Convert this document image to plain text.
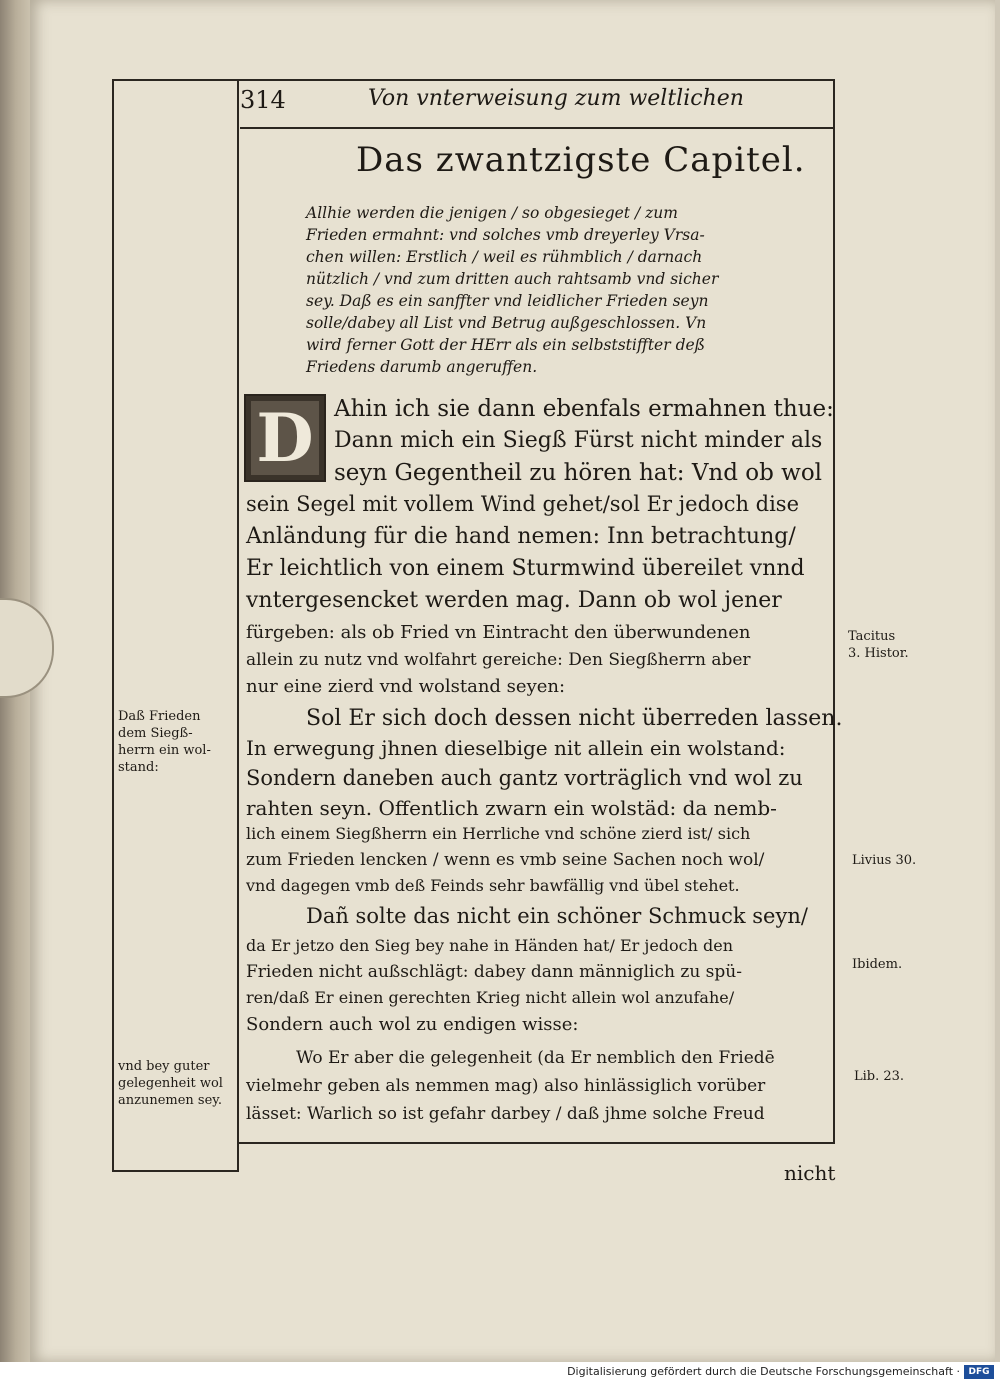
314	Von vnterweisung zum weltlichen
Das zwantzigste Capitel.
Allhie werden die jenigen / so obgesieget / zum
Frieden ermahnt: vnd solches vmb dreyerley Vrsa-
chen willen: Erstlich / weil es rühmblich / darnach
nützlich / vnd zum dritten auch rahtsamb vnd sicher
sey. Daß es ein sanffter vnd leidlicher Frieden seyn
solle/dabey all List vnd Betrug außgeschlossen. Vn
wird ferner Gott der HErr als ein selbststiffter deß
Friedens darumb angeruffen.
D Ahin ich sie dann ebenfals ermahnen thue:
Dann mich ein Siegß Fürst nicht minder als
seyn Gegentheil zu hören hat: Vnd ob wol
sein Segel mit vollem Wind gehet/sol Er jedoch dise
Anländung für die hand nemen: Inn betrachtung/
Er leichtlich von einem Sturmwind übereilet vnnd
vntergesencket werden mag. Dann ob wol jener
fürgeben: als ob Fried vn Eintracht den überwundenen
allein zu nutz vnd wolfahrt gereiche: Den Siegßherrn aber
nur eine zierd vnd wolstand seyen:
Sol Er sich doch dessen nicht überreden lassen.
In erwegung jhnen dieselbige nit allein ein wolstand:
Sondern daneben auch gantz vorträglich vnd wol zu
rahten seyn. Offentlich zwarn ein wolstäd: da nemb-
lich einem Siegßherrn ein Herrliche vnd schöne zierd ist/ sich
zum Frieden lencken / wenn es vmb seine Sachen noch wol/
vnd dagegen vmb deß Feinds sehr bawfällig vnd übel stehet.
Dañ solte das nicht ein schöner Schmuck seyn/
da Er jetzo den Sieg bey nahe in Händen hat/ Er jedoch den
Frieden nicht außschlägt: dabey dann männiglich zu spü-
ren/daß Er einen gerechten Krieg nicht allein wol anzufahe/
Sondern auch wol zu endigen wisse:
Wo Er aber die gelegenheit (da Er nemblich den Friedē
vielmehr geben als nemmen mag) also hinlässiglich vorüber
lässet: Warlich so ist gefahr darbey / daß jhme solche Freud
Tacitus
3. Histor.
Livius 30.
Ibidem.
Lib. 23.
Daß Frieden
dem Siegß-
herrn ein wol-
stand:
vnd bey guter
gelegenheit wol
anzunemen sey.
nicht
Digitalisierung gefördert durch die Deutsche Forschungsgemeinschaft · DFG
